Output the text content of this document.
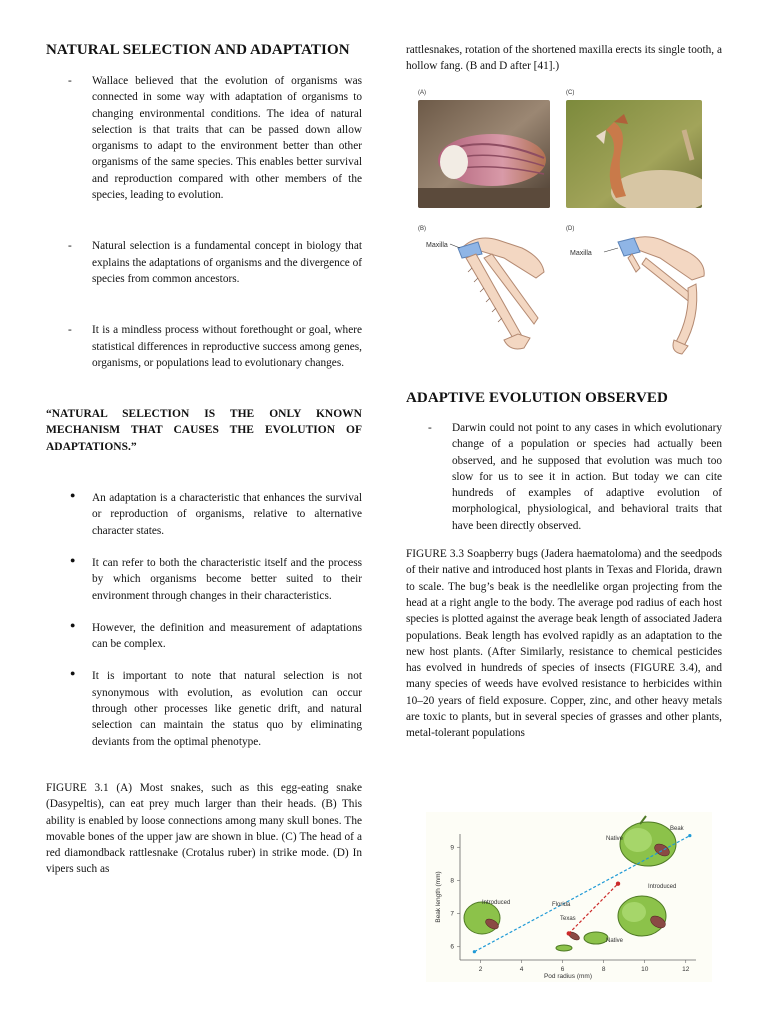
NATURAL SELECTION AND ADAPTATION
- Wallace believed that the evolution of organisms was connected in some way with adaptation of organisms to changing environmental conditions. The idea of natural selection is that traits that can be passed down allow organisms to adapt to the environment better than other organisms of the same species. This enables better survival and reproduction compared with other members of the species, leading to evolution.

- Natural selection is a fundamental concept in biology that explains the adaptations of organisms and the divergence of species from common ancestors.

- It is a mindless process without forethought or goal, where statistical differences in reproductive success among genes, organisms, or populations lead to evolutionary changes.

“NATURAL SELECTION IS THE ONLY KNOWN MECHANISM THAT CAUSES THE EVOLUTION OF ADAPTATIONS.”

● An adaptation is a characteristic that enhances the survival or reproduction of organisms, relative to alternative character states.

● It can refer to both the characteristic itself and the process by which organisms become better suited to their environment through changes in their characteristics.

● However, the definition and measurement of adaptations can be complex.

● It is important to note that natural selection is not synonymous with evolution, as evolution can occur through other processes like genetic drift, and natural selection can maintain the status quo by eliminating deviants from the optimal phenotype.

FIGURE 3.1 (A) Most snakes, such as this egg-eating snake (Dasypeltis), can eat prey much larger than their heads. (B) This ability is enabled by loose connections among many skull bones. The movable bones of the upper jaw are shown in blue. (C) The head of a red diamondback rattlesnake (Crotalus ruber) in strike mode. (D) In vipers such as

rattlesnakes, rotation of the shortened maxilla erects its single tooth, a hollow fang. (B and D after [41].)

(A)	(C)
(B)	(D)
Maxilla
Maxilla
ADAPTIVE EVOLUTION OBSERVED
- Darwin could not point to any cases in which evolutionary change of a population or species had actually been observed, and he supposed that evolution was much too slow for us to see it in action. But today we can cite hundreds of examples of adaptive evolution of morphological, physiological, and behavioral traits that have been directly observed.

FIGURE 3.3 Soapberry bugs (Jadera haematoloma) and the seedpods of their native and introduced host plants in Texas and Florida, drawn to scale. The bug’s beak is the needlelike organ projecting from the head at a right angle to the body. The average pod radius of each host species is plotted against the average beak length of associated Jadera populations. Beak length has evolved rapidly as an adaptation to the new host plants. (After Similarly, resistance to chemical pesticides has evolved in hundreds of species of insects (FIGURE 3.4), and many species of weeds have evolved resistance to herbicides within 10–20 years of field exposure. Copper, zinc, and other heavy metals are toxic to plants, but in several species of grasses and other plants, metal-tolerant populations

2	4	6	8	10	12
6
7
8
9
Pod radius (mm)
Beak length (mm)
Beak
Native
Introduced
Florida
Texas
Introduced
Native
